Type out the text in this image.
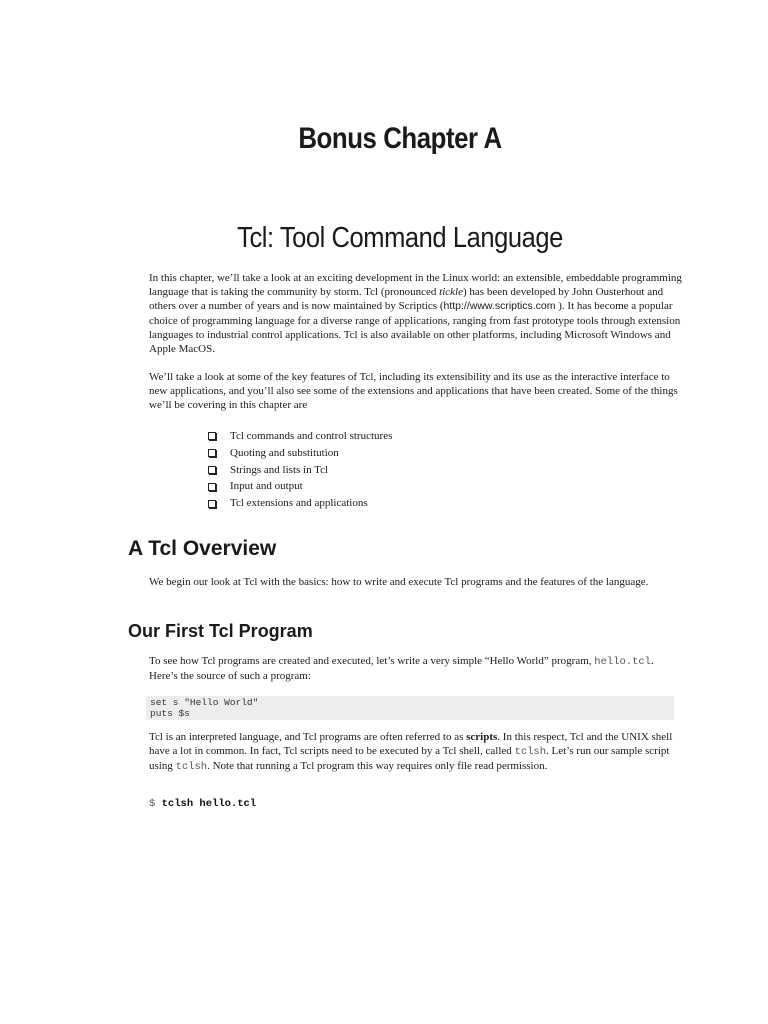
Bonus Chapter A
Tcl: Tool Command Language

In this chapter, we’ll take a look at an exciting development in the Linux world: an extensible, embeddable programming language that is taking the community by storm. Tcl (pronounced tickle) has been developed by John Ousterhout and others over a number of years and is now maintained by Scriptics (http://www.scriptics.com ). It has become a popular choice of programming language for a diverse range of applications, ranging from fast prototype tools through extension languages to industrial control applications. Tcl is also available on other platforms, including Microsoft Windows and Apple MacOS.

We’ll take a look at some of the key features of Tcl, including its extensibility and its use as the interactive interface to new applications, and you’ll also see some of the extensions and applications that have been created. Some of the things we’ll be covering in this chapter are

Tcl commands and control structures
Quoting and substitution
Strings and lists in Tcl
Input and output
Tcl extensions and applications
A Tcl Overview

We begin our look at Tcl with the basics: how to write and execute Tcl programs and the features of the language.

Our First Tcl Program

To see how Tcl programs are created and executed, let’s write a very simple “Hello World” program, hello.tcl. Here’s the source of such a program:

set s "Hello World"
puts $s

Tcl is an interpreted language, and Tcl programs are often referred to as scripts. In this respect, Tcl and the UNIX shell have a lot in common. In fact, Tcl scripts need to be executed by a Tcl shell, called tclsh. Let’s run our sample script using tclsh. Note that running a Tcl program this way requires only file read permission.

$ tclsh hello.tcl
